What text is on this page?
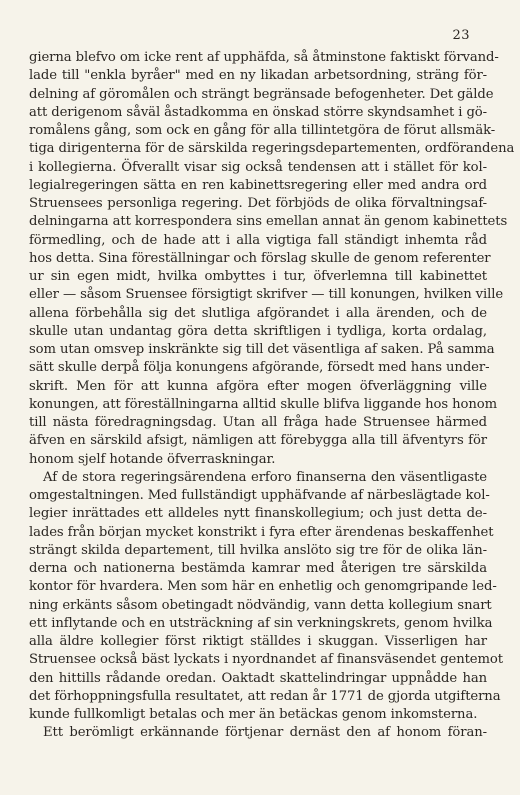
23
gierna blefvo om icke rent af upphäfda, så åtminstone faktiskt förvand-
lade till "enkla byråer" med en ny likadan arbetsordning, sträng för-
delning af göromålen och strängt begränsade befogenheter. Det gälde
att derigenom såväl åstadkomma en önskad större skyndsamhet i gö-
romålens gång, som ock en gång för alla tillintetgöra de förut allsmäk-
tiga dirigenterna för de särskilda regeringsdepartementen, ordförandena
i kollegierna. Öfverallt visar sig också tendensen att i stället för kol-
legialregeringen sätta en ren kabinettsregering eller med andra ord
Struensees personliga regering. Det förbjöds de olika förvaltningsaf-
delningarna att korrespondera sins emellan annat än genom kabinettets
förmedling, och de hade att i alla vigtiga fall ständigt inhemta råd
hos detta. Sina föreställningar och förslag skulle de genom referenter
ur sin egen midt, hvilka ombyttes i tur, öfverlemna till kabinettet
eller — såsom Sruensee försigtigt skrifver — till konungen, hvilken ville
allena förbehålla sig det slutliga afgörandet i alla ärenden, och de
skulle utan undantag göra detta skriftligen i tydliga, korta ordalag,
som utan omsvep inskränkte sig till det väsentliga af saken. På samma
sätt skulle derpå följa konungens afgörande, försedt med hans under-
skrift. Men för att kunna afgöra efter mogen öfverläggning ville
konungen, att föreställningarna alltid skulle blifva liggande hos honom
till nästa föredragningsdag. Utan all fråga hade Struensee härmed
äfven en särskild afsigt, nämligen att förebygga alla till äfventyrs för
honom sjelf hotande öfverraskningar.
Af de stora regeringsärendena erforo finanserna den väsentligaste
omgestaltningen. Med fullständigt upphäfvande af närbeslägtade kol-
legier inrättades ett alldeles nytt finanskollegium; och just detta de-
lades från början mycket konstrikt i fyra efter ärendenas beskaffenhet
strängt skilda departement, till hvilka anslöto sig tre för de olika län-
derna och nationerna bestämda kamrar med återigen tre särskilda
kontor för hvardera. Men som här en enhetlig och genomgripande led-
ning erkänts såsom obetingadt nödvändig, vann detta kollegium snart
ett inflytande och en utsträckning af sin verkningskrets, genom hvilka
alla äldre kollegier först riktigt ställdes i skuggan. Visserligen har
Struensee också bäst lyckats i nyordnandet af finansväsendet gentemot
den hittills rådande oredan. Oaktadt skattelindringar uppnådde han
det förhoppningsfulla resultatet, att redan år 1771 de gjorda utgifterna
kunde fullkomligt betalas och mer än betäckas genom inkomsterna.
Ett berömligt erkännande förtjenar dernäst den af honom föran-
